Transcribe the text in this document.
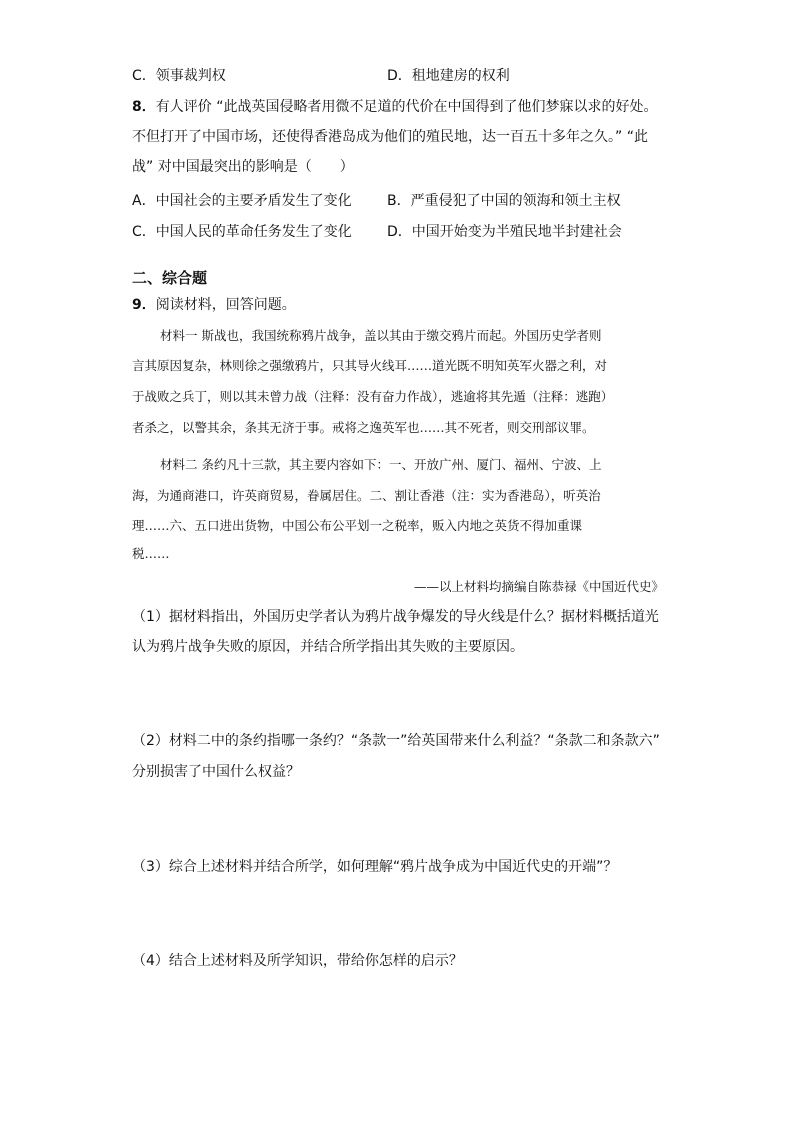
C．领事裁判权	D．租地建房的权利
8．有人评价 “此战英国侵略者用微不足道的代价在中国得到了他们梦寐以求的好处。
不但打开了中国市场，还使得香港岛成为他们的殖民地，达一百五十多年之久。” “此
战” 对中国最突出的影响是（　　）
A．中国社会的主要矛盾发生了变化	B．严重侵犯了中国的领海和领土主权
C．中国人民的革命任务发生了变化	D．中国开始变为半殖民地半封建社会
二、综合题
9．阅读材料，回答问题。
材料一 斯战也，我国统称鸦片战争，盖以其由于缴交鸦片而起。外国历史学者则
言其原因复杂，林则徐之强缴鸦片，只其导火线耳……道光既不明知英军火器之利，对
于战败之兵丁，则以其未曾力战（注释：没有奋力作战），逃逾将其先遁（注释：逃跑）
者杀之，以警其余，条其无济于事。戒将之逸英军也……其不死者，则交刑部议罪。
材料二 条约凡十三款，其主要内容如下：一、开放广州、厦门、福州、宁波、上
海，为通商港口，许英商贸易，眷属居住。二、割让香港（注：实为香港岛），听英治
理……六、五口进出货物，中国公布公平划一之税率，贩入内地之英货不得加重课
税……
——以上材料均摘编自陈恭禄《中国近代史》
（1）据材料指出，外国历史学者认为鸦片战争爆发的导火线是什么？据材料概括道光
认为鸦片战争失败的原因，并结合所学指出其失败的主要原因。
（2）材料二中的条约指哪一条约？“条款一”给英国带来什么利益？“条款二和条款六”
分别损害了中国什么权益？
（3）综合上述材料并结合所学，如何理解“鸦片战争成为中国近代史的开端”？
（4）结合上述材料及所学知识，带给你怎样的启示？
